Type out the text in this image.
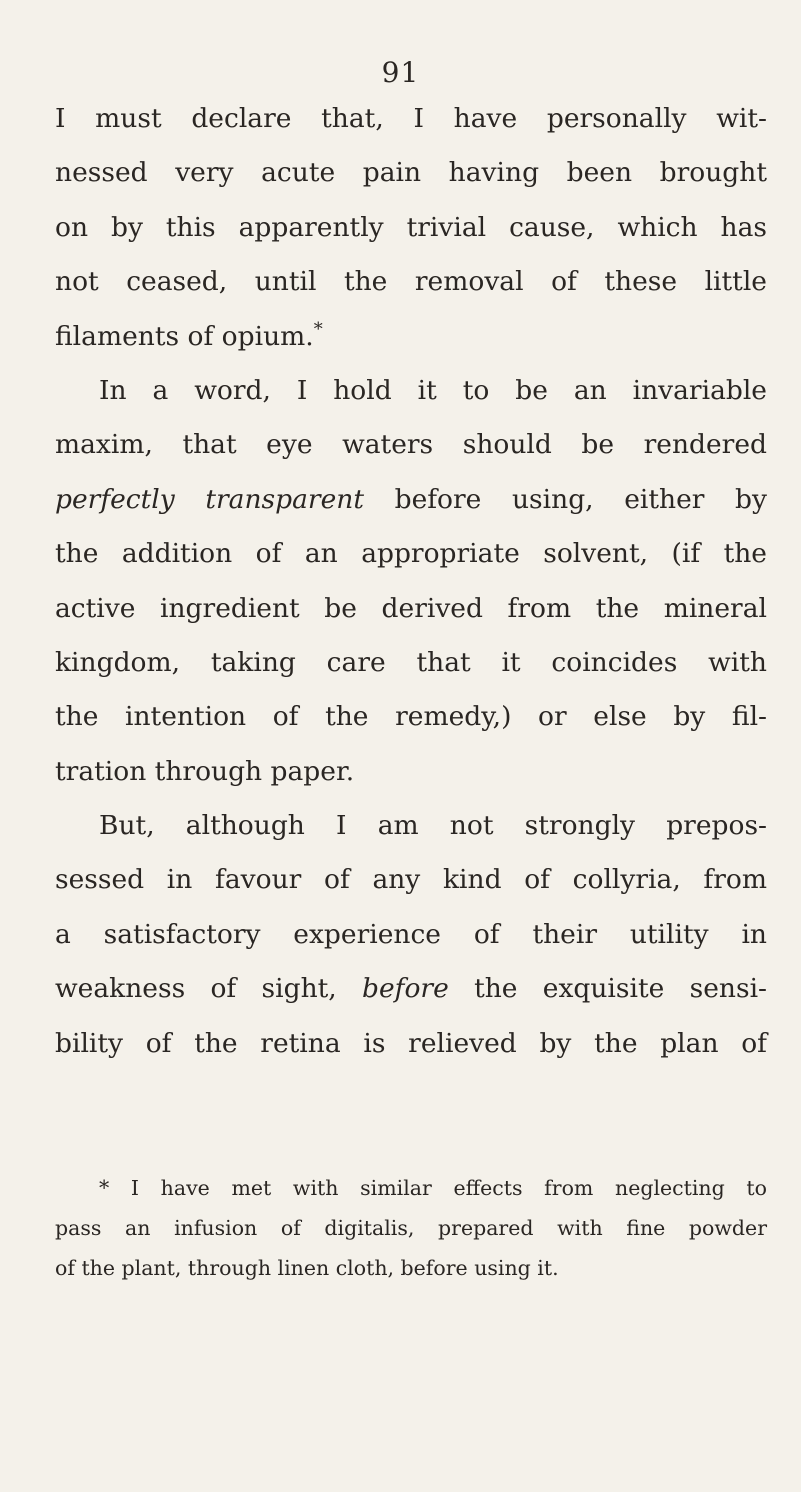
91
I must declare that, I have personally wit-
nessed very acute pain having been brought
on by this apparently trivial cause, which has
not ceased, until the removal of these little
filaments of opium.*
In a word, I hold it to be an invariable
maxim, that eye waters should be rendered
perfectly transparent before using, either by
the addition of an appropriate solvent, (if the
active ingredient be derived from the mineral
kingdom, taking care that it coincides with
the intention of the remedy,) or else by fil-
tration through paper.
But, although I am not strongly prepos-
sessed in favour of any kind of collyria, from
a satisfactory experience of their utility in
weakness of sight, before the exquisite sensi-
bility of the retina is relieved by the plan of
* I have met with similar effects from neglecting to
pass an infusion of digitalis, prepared with fine powder
of the plant, through linen cloth, before using it.
